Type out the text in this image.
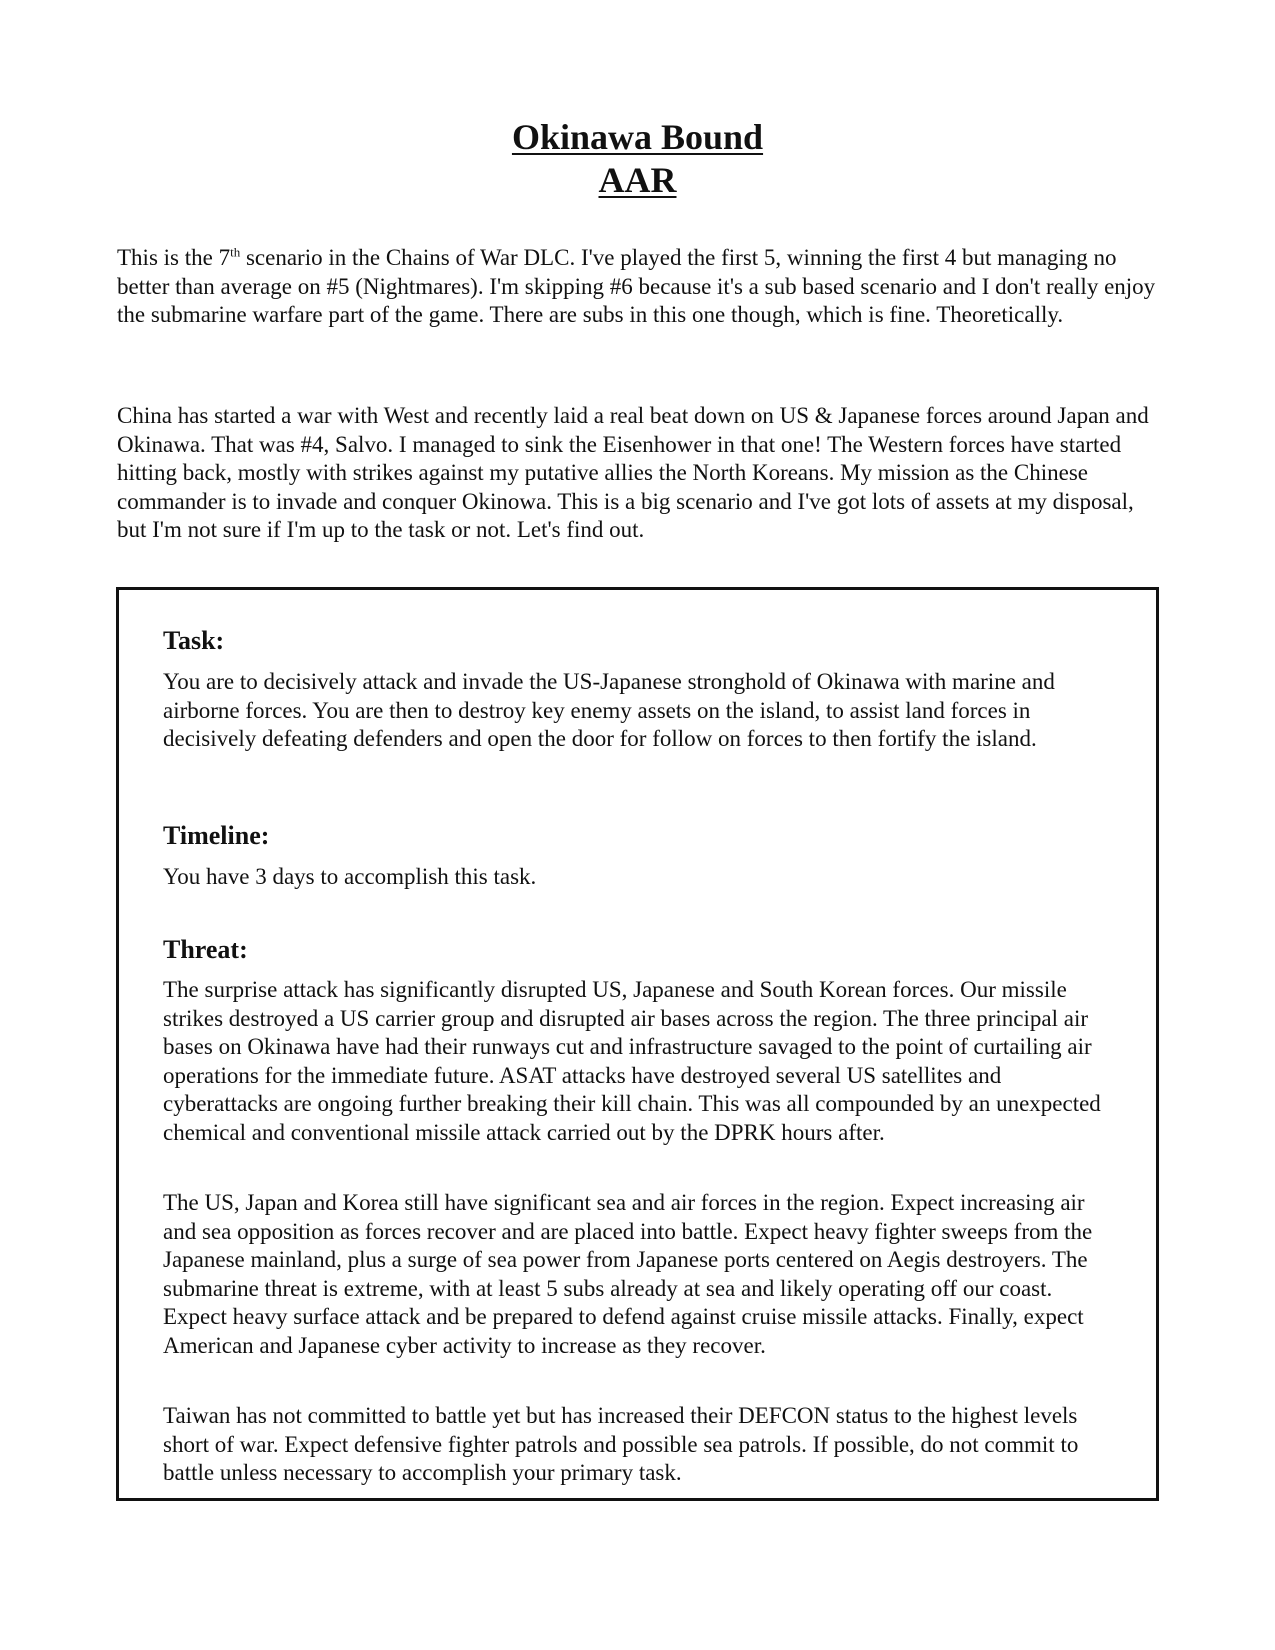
Okinawa Bound
AAR

This is the 7th scenario in the Chains of War DLC. I've played the first 5, winning the first 4 but managing no better than average on #5 (Nightmares). I'm skipping #6 because it's a sub based scenario and I don't really enjoy the submarine warfare part of the game. There are subs in this one though, which is fine. Theoretically.

China has started a war with West and recently laid a real beat down on US & Japanese forces around Japan and Okinawa. That was #4, Salvo. I managed to sink the Eisenhower in that one! The Western forces have started hitting back, mostly with strikes against my putative allies the North Koreans. My mission as the Chinese commander is to invade and conquer Okinowa. This is a big scenario and I've got lots of assets at my disposal, but I'm not sure if I'm up to the task or not. Let's find out.

Task:

You are to decisively attack and invade the US-Japanese stronghold of Okinawa with marine and airborne forces. You are then to destroy key enemy assets on the island, to assist land forces in decisively defeating defenders and open the door for follow on forces to then fortify the island.

Timeline:

You have 3 days to accomplish this task.

Threat:

The surprise attack has significantly disrupted US, Japanese and South Korean forces. Our missile strikes destroyed a US carrier group and disrupted air bases across the region. The three principal air bases on Okinawa have had their runways cut and infrastructure savaged to the point of curtailing air operations for the immediate future. ASAT attacks have destroyed several US satellites and cyberattacks are ongoing further breaking their kill chain. This was all compounded by an unexpected chemical and conventional missile attack carried out by the DPRK hours after.

The US, Japan and Korea still have significant sea and air forces in the region. Expect increasing air and sea opposition as forces recover and are placed into battle. Expect heavy fighter sweeps from the Japanese mainland, plus a surge of sea power from Japanese ports centered on Aegis destroyers. The submarine threat is extreme, with at least 5 subs already at sea and likely operating off our coast. Expect heavy surface attack and be prepared to defend against cruise missile attacks. Finally, expect American and Japanese cyber activity to increase as they recover.

Taiwan has not committed to battle yet but has increased their DEFCON status to the highest levels short of war. Expect defensive fighter patrols and possible sea patrols. If possible, do not commit to battle unless necessary to accomplish your primary task.
